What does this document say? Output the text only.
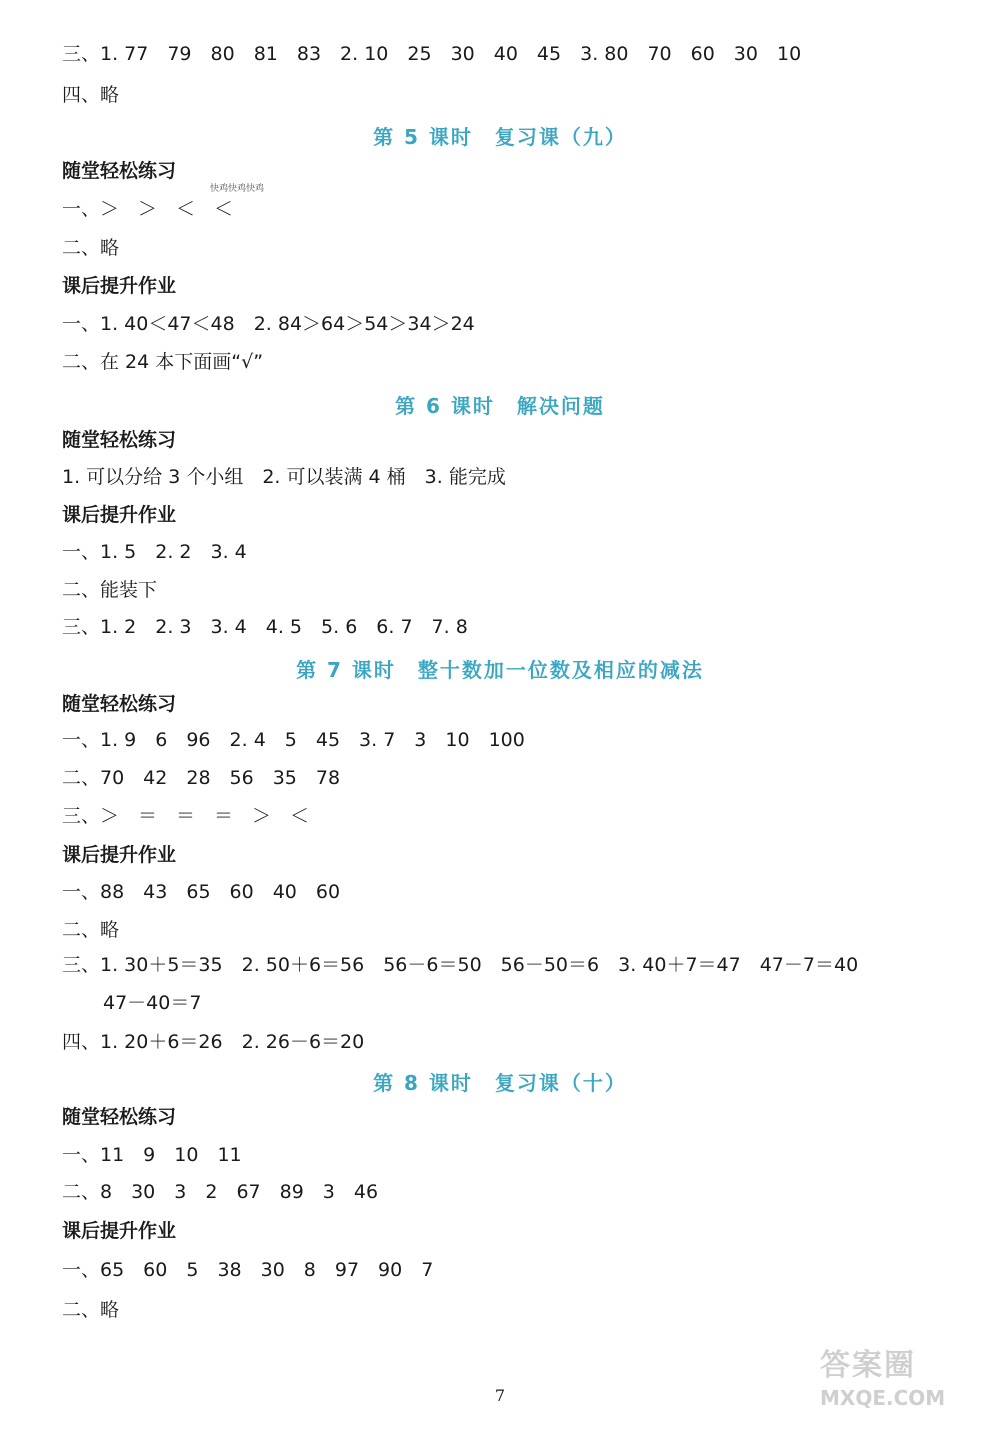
三、1. 77　79　80　81　83　2. 10　25　30　40　45　3. 80　70　60　30　10
四、略
第 5 课时　复习课（九）
随堂轻松练习
快鸡快鸡快鸡
一、＞　＞　＜　＜
二、略
课后提升作业
一、1. 40＜47＜48　2. 84＞64＞54＞34＞24
二、在 24 本下面画“√”
第 6 课时　解决问题
随堂轻松练习
1. 可以分给 3 个小组　2. 可以装满 4 桶　3. 能完成
课后提升作业
一、1. 5　2. 2　3. 4
二、能装下
三、1. 2　2. 3　3. 4　4. 5　5. 6　6. 7　7. 8
第 7 课时　整十数加一位数及相应的减法
随堂轻松练习
一、1. 9　6　96　2. 4　5　45　3. 7　3　10　100
二、70　42　28　56　35　78
三、＞　＝　＝　＝　＞　＜
课后提升作业
一、88　43　65　60　40　60
二、略
三、1. 30＋5＝35　2. 50＋6＝56　56－6＝50　56－50＝6　3. 40＋7＝47　47－7＝40
47－40＝7
四、1. 20＋6＝26　2. 26－6＝20
第 8 课时　复习课（十）
随堂轻松练习
一、11　9　10　11
二、8　30　3　2　67　89　3　46
课后提升作业
一、65　60　5　38　30　8　97　90　7
二、略
7
答案圈
MXQE.COM
